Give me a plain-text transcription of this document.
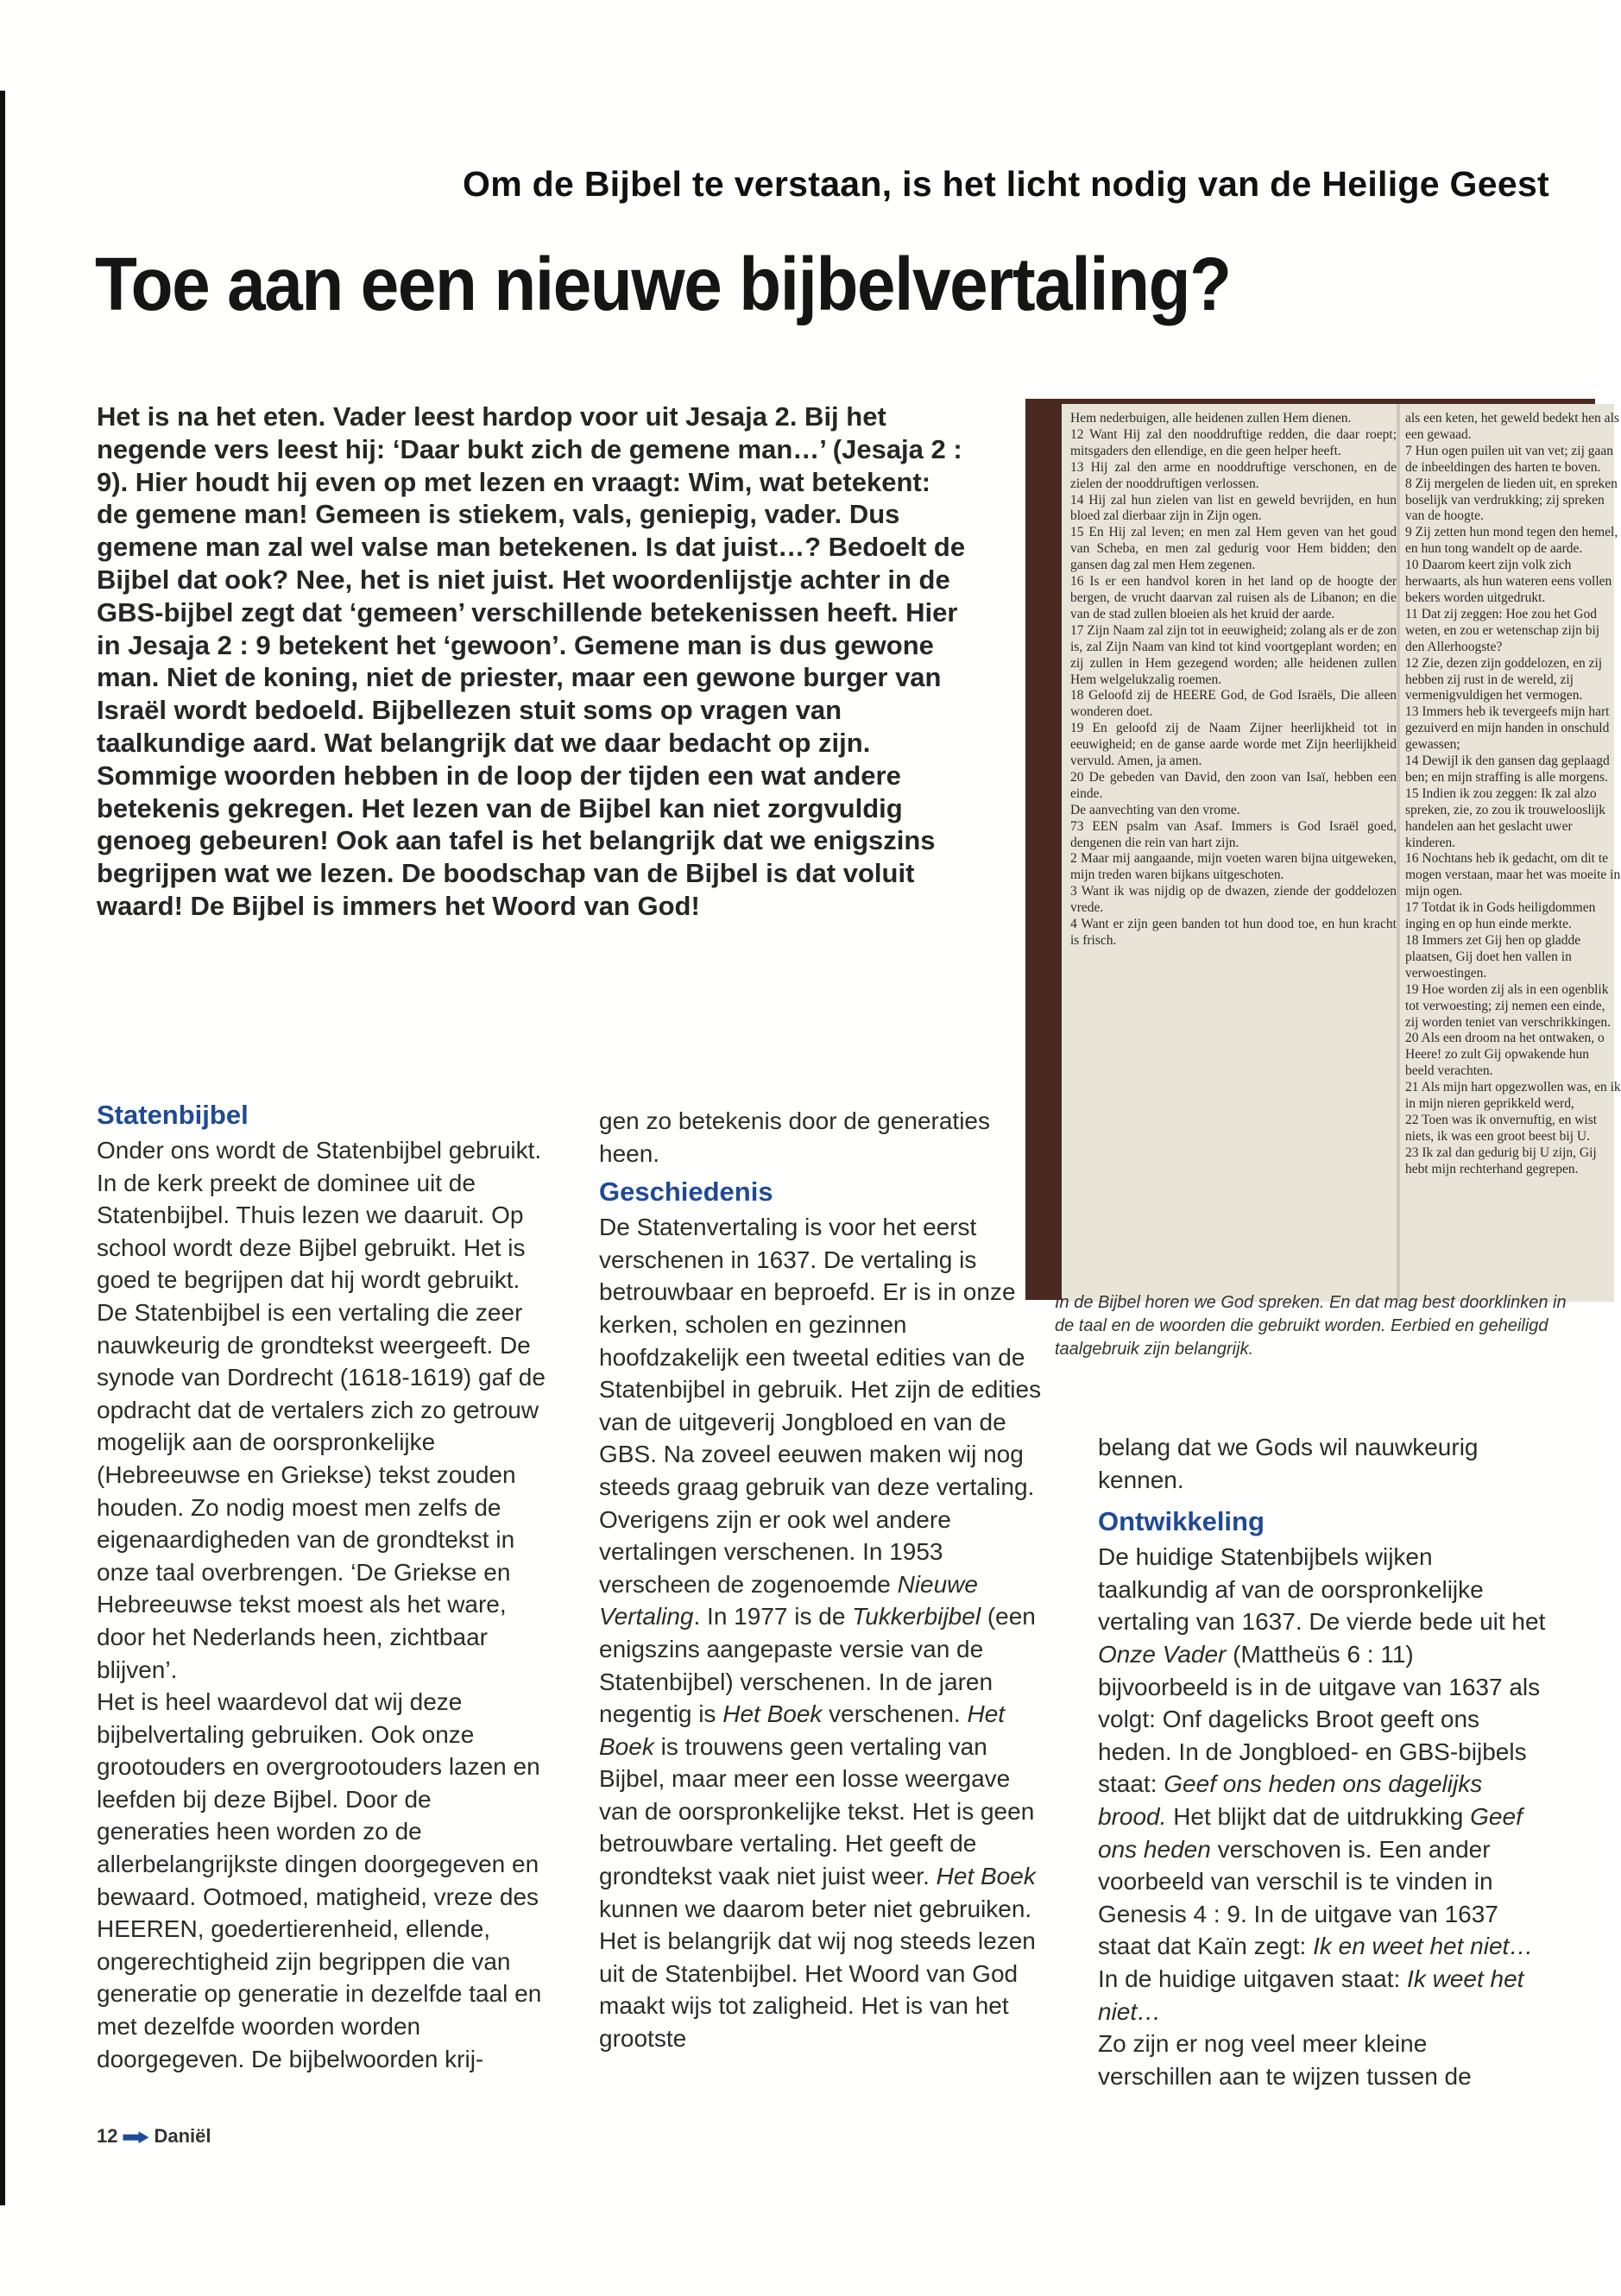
Om de Bijbel te verstaan, is het licht nodig van de Heilige Geest
Toe aan een nieuwe bijbelvertaling?

Het is na het eten. Vader leest hardop voor uit Jesaja 2. Bij het negende vers leest hij: ‘Daar bukt zich de gemene man…’ (Jesaja 2 : 9). Hier houdt hij even op met lezen en vraagt: Wim, wat betekent: de gemene man! Gemeen is stiekem, vals, geniepig, vader. Dus gemene man zal wel valse man betekenen. Is dat juist…? Bedoelt de Bijbel dat ook? Nee, het is niet juist. Het woordenlijstje achter in de GBS-bijbel zegt dat ‘gemeen’ verschillende betekenissen heeft. Hier in Jesaja 2 : 9 betekent het ‘gewoon’. Gemene man is dus gewone man. Niet de koning, niet de priester, maar een gewone burger van Israël wordt bedoeld. Bijbellezen stuit soms op vragen van taalkundige aard. Wat belangrijk dat we daar bedacht op zijn. Sommige woorden hebben in de loop der tijden een wat andere betekenis gekregen. Het lezen van de Bijbel kan niet zorgvuldig genoeg gebeuren! Ook aan tafel is het belangrijk dat we enigszins begrijpen wat we lezen. De boodschap van de Bijbel is dat voluit waard! De Bijbel is immers het Woord van God!

Hem nederbuigen, alle heidenen zullen Hem dienen.
12 Want Hij zal den nooddruftige redden, die daar roept; mitsgaders den ellendige, en die geen helper heeft.
13 Hij zal den arme en nooddruftige verschonen, en de zielen der nooddruftigen verlossen.
14 Hij zal hun zielen van list en geweld bevrijden, en hun bloed zal dierbaar zijn in Zijn ogen.
15 En Hij zal leven; en men zal Hem geven van het goud van Scheba, en men zal gedurig voor Hem bidden; den gansen dag zal men Hem zegenen.
16 Is er een handvol koren in het land op de hoogte der bergen, de vrucht daarvan zal ruisen als de Libanon; en die van de stad zullen bloeien als het kruid der aarde.
17 Zijn Naam zal zijn tot in eeuwigheid; zolang als er de zon is, zal Zijn Naam van kind tot kind voortgeplant worden; en zij zullen in Hem gezegend worden; alle heidenen zullen Hem welgelukzalig roemen.
18 Geloofd zij de HEERE God, de God Israëls, Die alleen wonderen doet.
19 En geloofd zij de Naam Zijner heerlijkheid tot in eeuwigheid; en de ganse aarde worde met Zijn heerlijkheid vervuld. Amen, ja amen.
20 De gebeden van David, den zoon van Isaï, hebben een einde.
De aanvechting van den vrome.
73 EEN psalm van Asaf. Immers is God Israël goed, dengenen die rein van hart zijn.
2 Maar mij aangaande, mijn voeten waren bijna uitgeweken, mijn treden waren bijkans uitgeschoten.
3 Want ik was nijdig op de dwazen, ziende der goddelozen vrede.
4 Want er zijn geen banden tot hun dood toe, en hun kracht is frisch.
als een keten, het geweld bedekt hen als een gewaad.
7 Hun ogen puilen uit van vet; zij gaan de inbeeldingen des harten te boven.
8 Zij mergelen de lieden uit, en spreken boselijk van verdrukking; zij spreken van de hoogte.
9 Zij zetten hun mond tegen den hemel, en hun tong wandelt op de aarde.
10 Daarom keert zijn volk zich herwaarts, als hun wateren eens vollen bekers worden uitgedrukt.
11 Dat zij zeggen: Hoe zou het God weten, en zou er wetenschap zijn bij den Allerhoogste?
12 Zie, dezen zijn goddelozen, en zij hebben zij rust in de wereld, zij vermenigvuldigen het vermogen.
13 Immers heb ik tevergeefs mijn hart gezuiverd en mijn handen in onschuld gewassen;
14 Dewijl ik den gansen dag geplaagd ben; en mijn straffing is alle morgens.
15 Indien ik zou zeggen: Ik zal alzo spreken, zie, zo zou ik trouwelooslijk handelen aan het geslacht uwer kinderen.
16 Nochtans heb ik gedacht, om dit te mogen verstaan, maar het was moeite in mijn ogen.
17 Totdat ik in Gods heiligdommen inging en op hun einde merkte.
18 Immers zet Gij hen op gladde plaatsen, Gij doet hen vallen in verwoestingen.
19 Hoe worden zij als in een ogenblik tot verwoesting; zij nemen een einde, zij worden teniet van verschrikkingen.
20 Als een droom na het ontwaken, o Heere! zo zult Gij opwakende hun beeld verachten.
21 Als mijn hart opgezwollen was, en ik in mijn nieren geprikkeld werd,
22 Toen was ik onvernuftig, en wist niets, ik was een groot beest bij U.
23 Ik zal dan gedurig bij U zijn, Gij hebt mijn rechterhand gegrepen.
In de Bijbel horen we God spreken. En dat mag best doorklinken in de taal en de woorden die gebruikt worden. Eerbied en geheiligd taalgebruik zijn belangrijk.
Statenbijbel

Onder ons wordt de Statenbijbel gebruikt. In de kerk preekt de dominee uit de Statenbijbel. Thuis lezen we daaruit. Op school wordt deze Bijbel gebruikt. Het is goed te begrijpen dat hij wordt gebruikt. De Statenbijbel is een vertaling die zeer nauwkeurig de grondtekst weergeeft. De synode van Dordrecht (1618-1619) gaf de opdracht dat de vertalers zich zo getrouw mogelijk aan de oorspronkelijke (Hebreeuwse en Griekse) tekst zouden houden. Zo nodig moest men zelfs de eigenaardigheden van de grondtekst in onze taal overbrengen. ‘De Griekse en Hebreeuwse tekst moest als het ware, door het Nederlands heen, zichtbaar blijven’.

Het is heel waardevol dat wij deze bijbelvertaling gebruiken. Ook onze grootouders en overgrootouders lazen en leefden bij deze Bijbel. Door de generaties heen worden zo de allerbelangrijkste dingen doorgegeven en bewaard. Ootmoed, matigheid, vreze des HEEREN, goedertierenheid, ellende, ongerechtigheid zijn begrippen die van generatie op generatie in dezelfde taal en met dezelfde woorden worden doorgegeven. De bijbelwoorden krij-

gen zo betekenis door de generaties heen.

Geschiedenis

De Statenvertaling is voor het eerst verschenen in 1637. De vertaling is betrouwbaar en beproefd. Er is in onze kerken, scholen en gezinnen hoofdzakelijk een tweetal edities van de Statenbijbel in gebruik. Het zijn de edities van de uitgeverij Jongbloed en van de GBS. Na zoveel eeuwen maken wij nog steeds graag gebruik van deze vertaling. Overigens zijn er ook wel andere vertalingen verschenen. In 1953 verscheen de zogenoemde Nieuwe Vertaling. In 1977 is de Tukkerbijbel (een enigszins aangepaste versie van de Statenbijbel) verschenen. In de jaren negentig is Het Boek verschenen. Het Boek is trouwens geen vertaling van Bijbel, maar meer een losse weergave van de oorspronkelijke tekst. Het is geen betrouwbare vertaling. Het geeft de grondtekst vaak niet juist weer. Het Boek kunnen we daarom beter niet gebruiken. Het is belangrijk dat wij nog steeds lezen uit de Statenbijbel. Het Woord van God maakt wijs tot zaligheid. Het is van het grootste

belang dat we Gods wil nauwkeurig kennen.

Ontwikkeling

De huidige Statenbijbels wijken taalkundig af van de oorspronkelijke vertaling van 1637. De vierde bede uit het Onze Vader (Mattheüs 6 : 11) bijvoorbeeld is in de uitgave van 1637 als volgt: Onf dagelicks Broot geeft ons heden. In de Jongbloed- en GBS-bijbels staat: Geef ons heden ons dagelijks brood. Het blijkt dat de uitdrukking Geef ons heden verschoven is. Een ander voorbeeld van verschil is te vinden in Genesis 4 : 9. In de uitgave van 1637 staat dat Kaïn zegt: Ik en weet het niet… In de huidige uitgaven staat: Ik weet het niet…

Zo zijn er nog veel meer kleine verschillen aan te wijzen tussen de

12 Daniël
